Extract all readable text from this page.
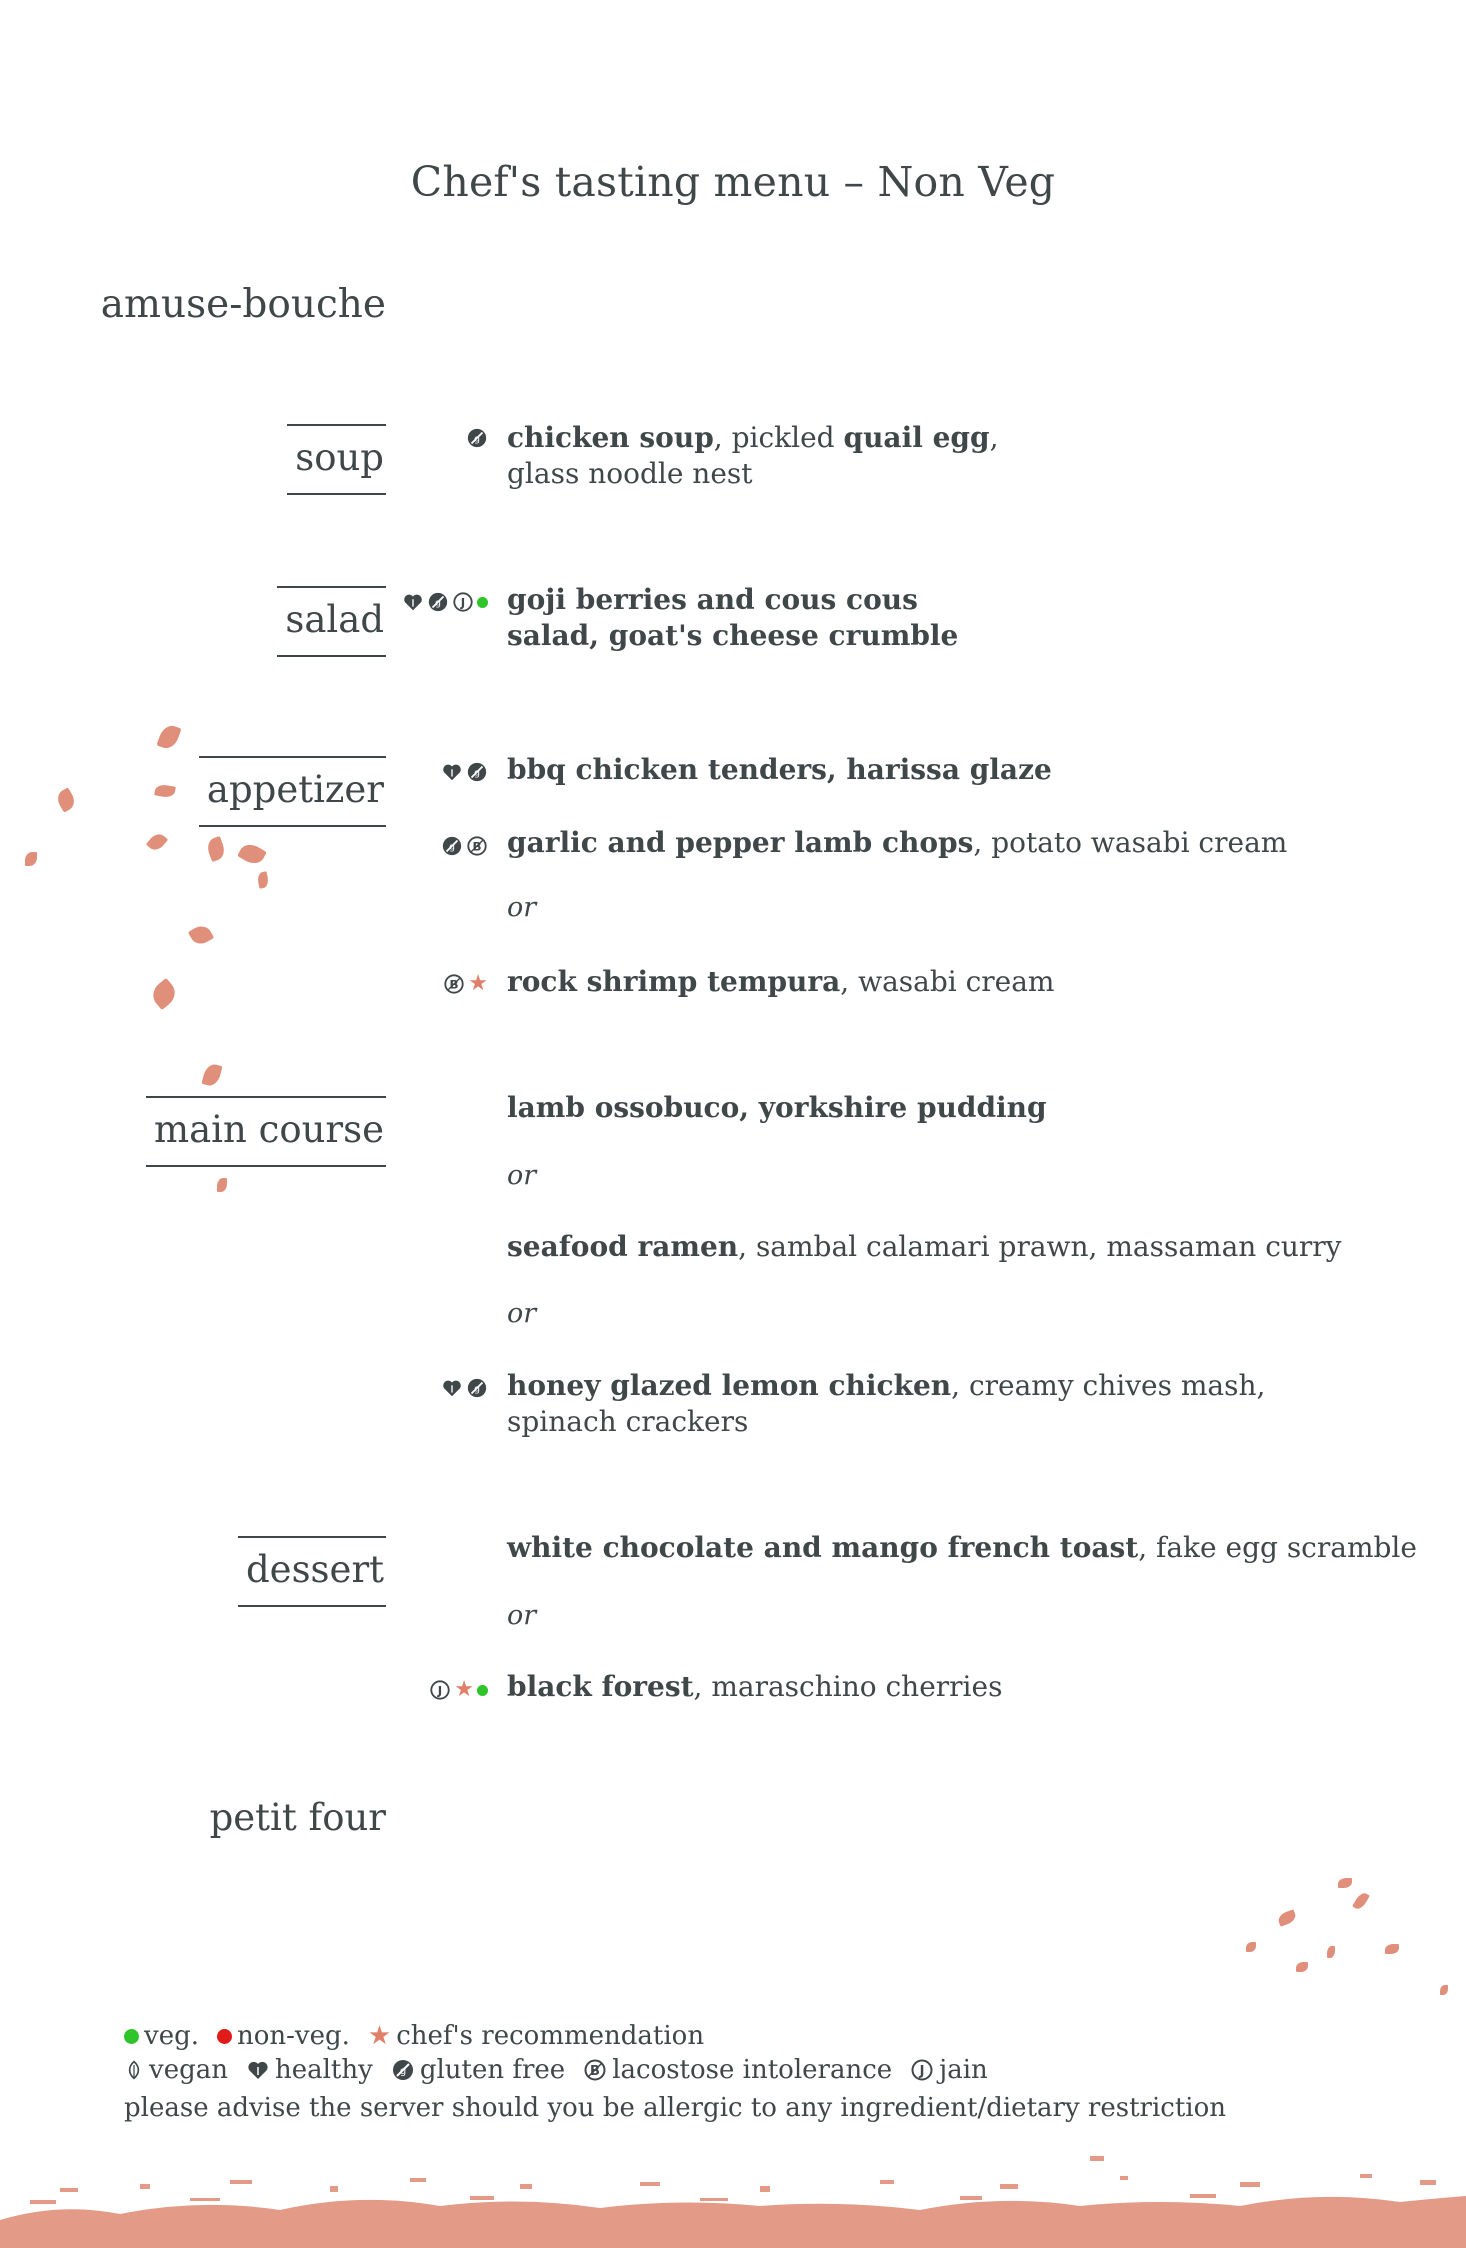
Chef's tasting menu – Non Veg
amuse-bouche
soup
salad
appetizer
main course
dessert
petit four
chicken soup, pickled quail egg,
glass noodle nest
goji berries and cous cous
salad, goat's cheese crumble
bbq chicken tenders, harissa glaze
garlic and pepper lamb chops, potato wasabi cream
or
★ rock shrimp tempura, wasabi cream
lamb ossobuco, yorkshire pudding
or
seafood ramen, sambal calamari prawn, massaman curry
or
honey glazed lemon chicken, creamy chives mash,
spinach crackers
white chocolate and mango french toast, fake egg scramble
or
★ black forest, maraschino cherries
veg. non-veg. ★ chef's recommendation
vegan healthy gluten free lacostose intolerance jain
please advise the server should you be allergic to any ingredient/dietary restriction
